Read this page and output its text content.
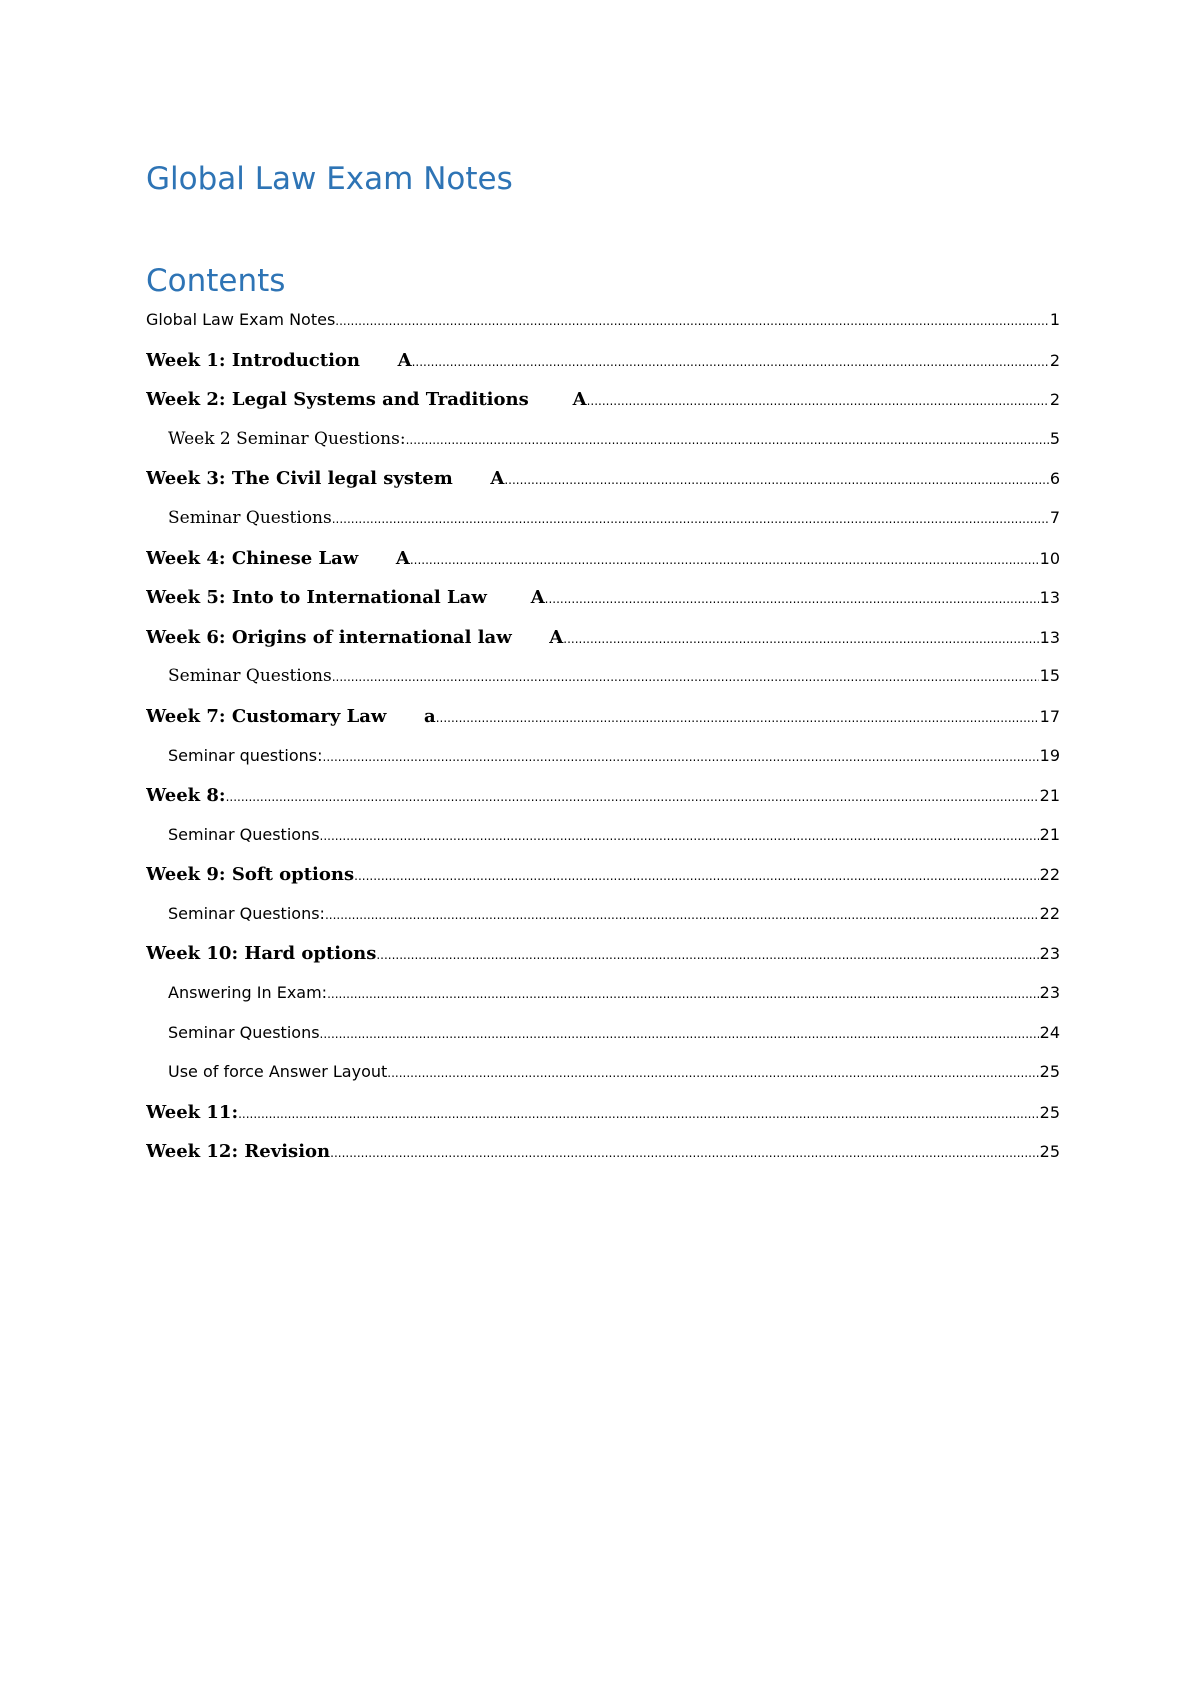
Global Law Exam Notes
Contents
Global Law Exam Notes .....	1
Week 1: Introduction      A .....	2
Week 2: Legal Systems and Traditions       A .....	2
Week 2 Seminar Questions: .....	5
Week 3: The Civil legal system      A .....	6
Seminar Questions .....	7
Week 4: Chinese Law      A .....	10
Week 5: Into to International Law       A .....	13
Week 6: Origins of international law      A .....	13
Seminar Questions .....	15
Week 7: Customary Law      a .....	17
Seminar questions: .....	19
Week 8: .....	21
Seminar Questions .....	21
Week 9: Soft options .....	22
Seminar Questions: .....	22
Week 10: Hard options .....	23
Answering In Exam: .....	23
Seminar Questions .....	24
Use of force Answer Layout .....	25
Week 11: .....	25
Week 12: Revision .....	25
